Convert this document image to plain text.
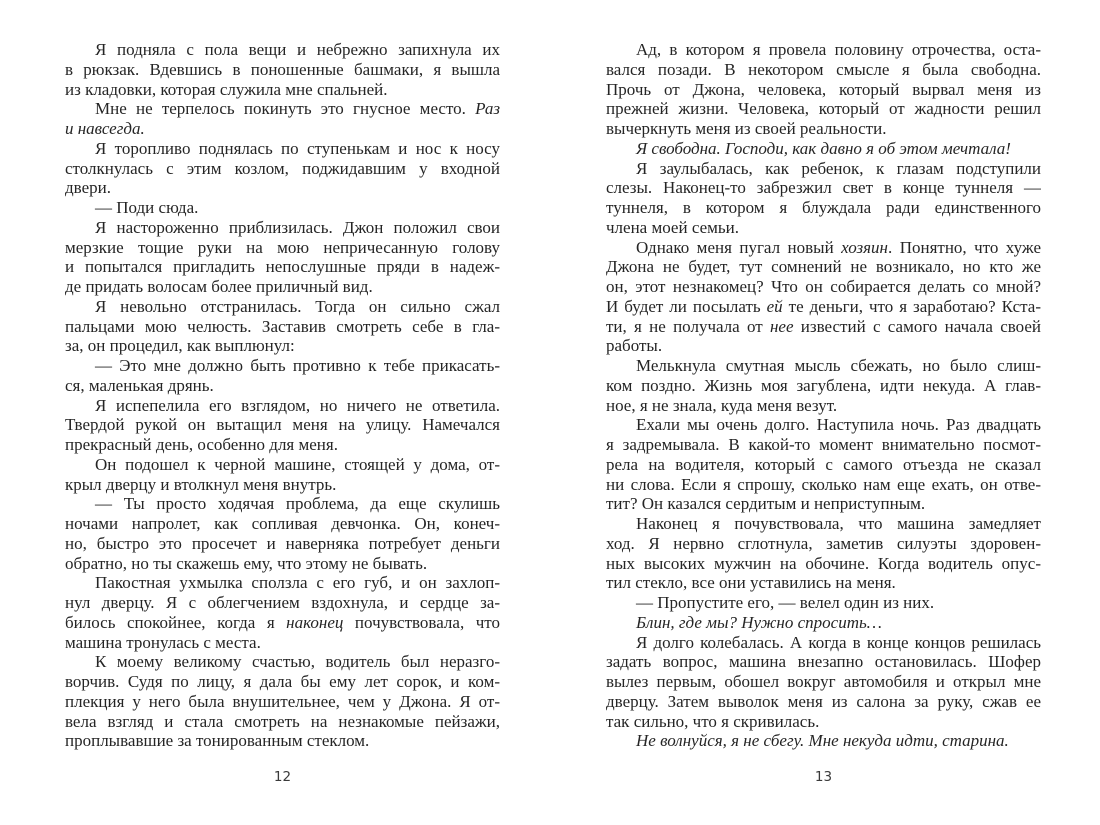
Я подняла с пола вещи и небрежно запихнула их
в рюкзак. Вдевшись в поношенные башмаки, я вышла
из кладовки, которая служила мне спальней.
Мне не терпелось покинуть это гнусное место. Раз
и навсегда.
Я торопливо поднялась по ступенькам и нос к носу
столкнулась с этим козлом, поджидавшим у входной
двери.
— Поди сюда.
Я настороженно приблизилась. Джон положил свои
мерзкие тощие руки на мою непричесанную голову
и попытался пригладить непослушные пряди в надеж-
де придать волосам более приличный вид.
Я невольно отстранилась. Тогда он сильно сжал
пальцами мою челюсть. Заставив смотреть себе в гла-
за, он процедил, как выплюнул:
— Это мне должно быть противно к тебе прикасать-
ся, маленькая дрянь.
Я испепелила его взглядом, но ничего не ответила.
Твердой рукой он вытащил меня на улицу. Намечался
прекрасный день, особенно для меня.
Он подошел к черной машине, стоящей у дома, от-
крыл дверцу и втолкнул меня внутрь.
— Ты просто ходячая проблема, да еще скулишь
ночами напролет, как сопливая девчонка. Он, конеч-
но, быстро это просечет и наверняка потребует деньги
обратно, но ты скажешь ему, что этому не бывать.
Пакостная ухмылка сползла с его губ, и он захлоп-
нул дверцу. Я с облегчением вздохнула, и сердце за-
билось спокойнее, когда я наконец почувствовала, что
машина тронулась с места.
К моему великому счастью, водитель был неразго-
ворчив. Судя по лицу, я дала бы ему лет сорок, и ком-
плекция у него была внушительнее, чем у Джона. Я от-
вела взгляд и стала смотреть на незнакомые пейзажи,
проплывавшие за тонированным стеклом.
Ад, в котором я провела половину отрочества, оста-
вался позади. В некотором смысле я была свободна.
Прочь от Джона, человека, который вырвал меня из
прежней жизни. Человека, который от жадности решил
вычеркнуть меня из своей реальности.
Я свободна. Господи, как давно я об этом мечтала!
Я заулыбалась, как ребенок, к глазам подступили
слезы. Наконец-то забрезжил свет в конце туннеля —
туннеля, в котором я блуждала ради единственного
члена моей семьи.
Однако меня пугал новый хозяин. Понятно, что хуже
Джона не будет, тут сомнений не возникало, но кто же
он, этот незнакомец? Что он собирается делать со мной?
И будет ли посылать ей те деньги, что я заработаю? Кста-
ти, я не получала от нее известий с самого начала своей
работы.
Мелькнула смутная мысль сбежать, но было слиш-
ком поздно. Жизнь моя загублена, идти некуда. А глав-
ное, я не знала, куда меня везут.
Ехали мы очень долго. Наступила ночь. Раз двадцать
я задремывала. В какой-то момент внимательно посмот-
рела на водителя, который с самого отъезда не сказал
ни слова. Если я спрошу, сколько нам еще ехать, он отве-
тит? Он казался сердитым и неприступным.
Наконец я почувствовала, что машина замедляет
ход. Я нервно сглотнула, заметив силуэты здоровен-
ных высоких мужчин на обочине. Когда водитель опус-
тил стекло, все они уставились на меня.
— Пропустите его, — велел один из них.
Блин, где мы? Нужно спросить…
Я долго колебалась. А когда в конце концов решилась
задать вопрос, машина внезапно остановилась. Шофер
вылез первым, обошел вокруг автомобиля и открыл мне
дверцу. Затем выволок меня из салона за руку, сжав ее
так сильно, что я скривилась.
Не волнуйся, я не сбегу. Мне некуда идти, старина.
12	13
